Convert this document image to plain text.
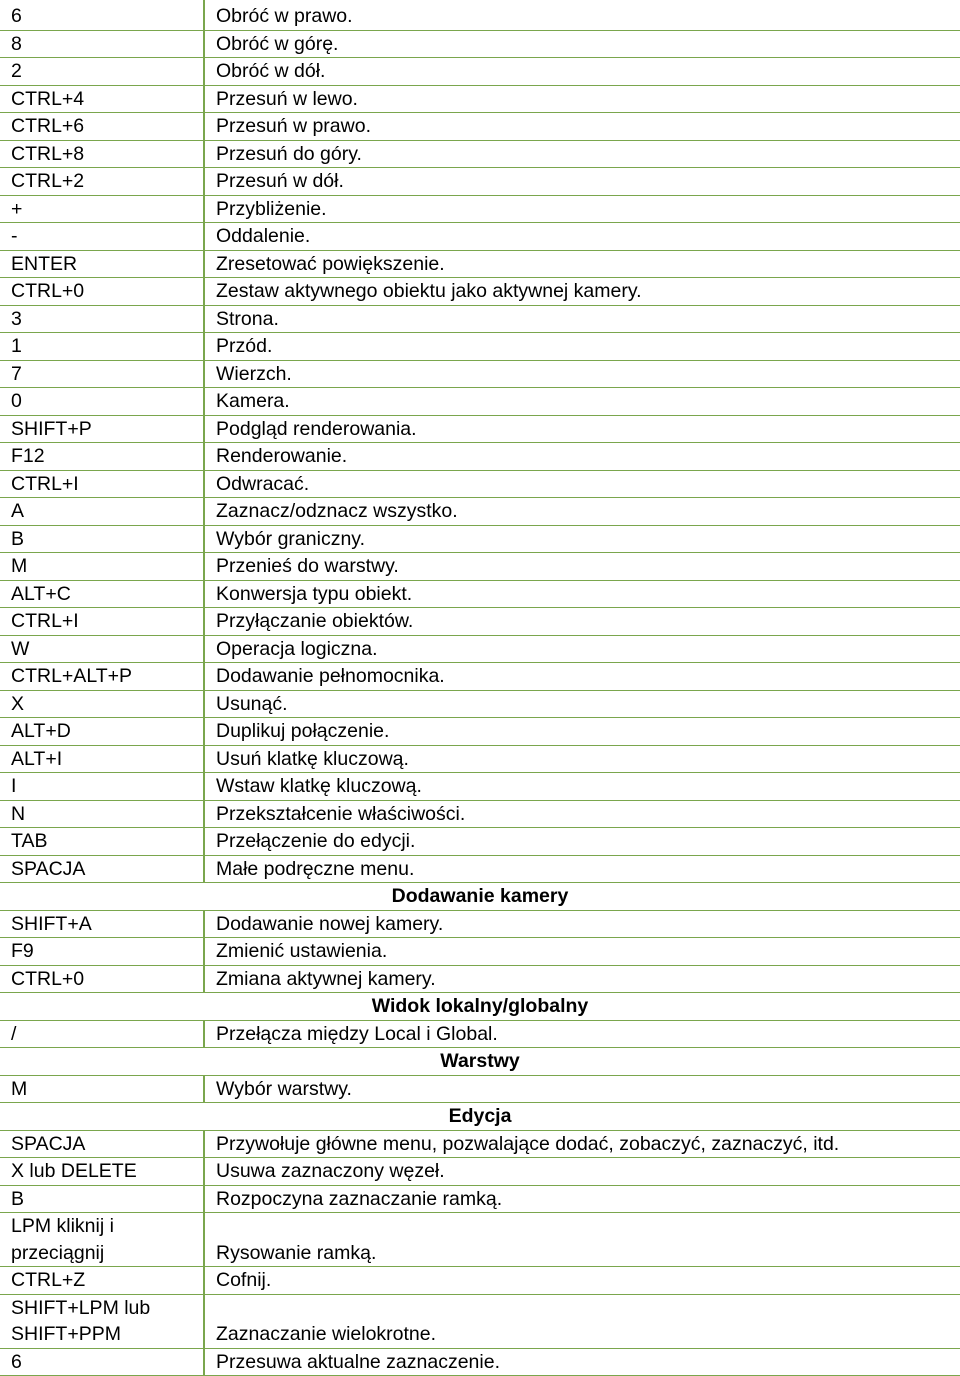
6	Obróć w prawo.
8	Obróć w górę.
2	Obróć w dół.
CTRL+4	Przesuń w lewo.
CTRL+6	Przesuń w prawo.
CTRL+8	Przesuń do góry.
CTRL+2	Przesuń w dół.
+	Przybliżenie.
-	Oddalenie.
ENTER	Zresetować powiększenie.
CTRL+0	Zestaw aktywnego obiektu jako aktywnej kamery.
3	Strona.
1	Przód.
7	Wierzch.
0	Kamera.
SHIFT+P	Podgląd renderowania.
F12	Renderowanie.
CTRL+I	Odwracać.
A	Zaznacz/odznacz wszystko.
B	Wybór graniczny.
M	Przenieś do warstwy.
ALT+C	Konwersja typu obiekt.
CTRL+I	Przyłączanie obiektów.
W	Operacja logiczna.
CTRL+ALT+P	Dodawanie pełnomocnika.
X	Usunąć.
ALT+D	Duplikuj połączenie.
ALT+I	Usuń klatkę kluczową.
I	Wstaw klatkę kluczową.
N	Przekształcenie właściwości.
TAB	Przełączenie do edycji.
SPACJA	Małe podręczne menu.
Dodawanie kamery	
SHIFT+A	Dodawanie nowej kamery.
F9	Zmienić ustawienia.
CTRL+0	Zmiana aktywnej kamery.
Widok lokalny/globalny	
/	Przełącza między Local i Global.
Warstwy	
M	Wybór warstwy.
Edycja	
SPACJA	Przywołuje główne menu, pozwalające dodać, zobaczyć, zaznaczyć, itd.
X lub DELETE	Usuwa zaznaczony węzeł.
B	Rozpoczyna zaznaczanie ramką.
LPM kliknij i
przeciągnij	Rysowanie ramką.
CTRL+Z	Cofnij.
SHIFT+LPM lub
SHIFT+PPM	Zaznaczanie wielokrotne.
6	Przesuwa aktualne zaznaczenie.
